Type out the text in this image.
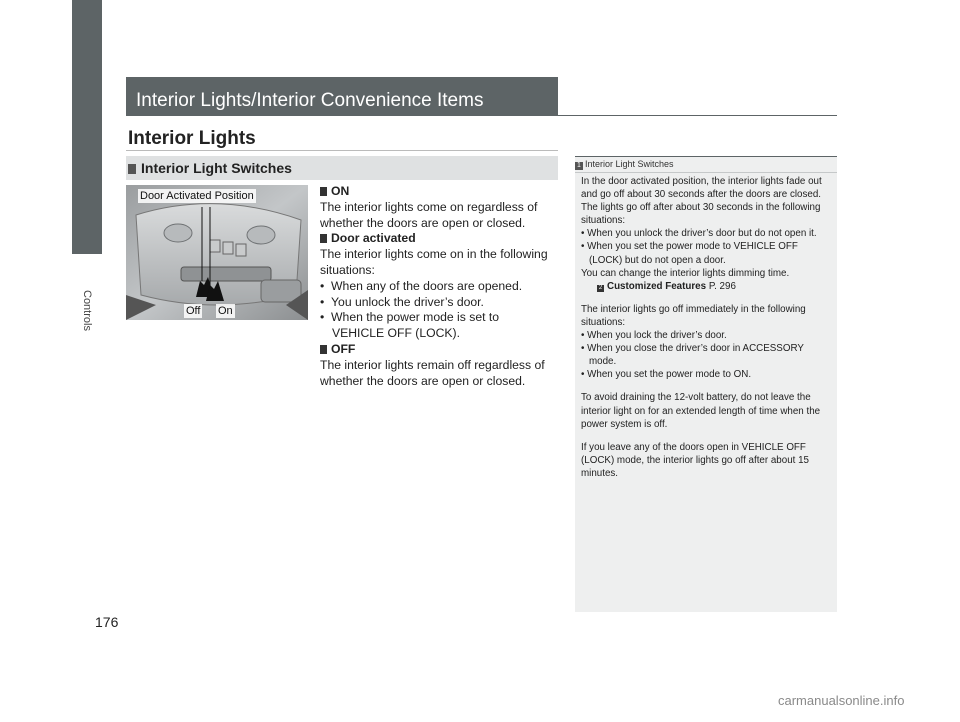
Controls
176
Interior Lights/Interior Convenience Items
Interior Lights
Interior Light Switches
Door Activated Position
Off On

ON

The interior lights come on regardless of whether the doors are open or closed.

Door activated

The interior lights come on in the following situations:

•  When any of the doors are opened.

•  You unlock the driver’s door.

•  When the power mode is set to VEHICLE OFF (LOCK).

OFF

The interior lights remain off regardless of whether the doors are open or closed.

1 Interior Light Switches

In the door activated position, the interior lights fade out and go off about 30 seconds after the doors are closed.

The lights go off after about 30 seconds in the following situations:

• When you unlock the driver’s door but do not open it.

• When you set the power mode to VEHICLE OFF (LOCK) but do not open a door.

You can change the interior lights dimming time.

2 Customized Features P. 296

The interior lights go off immediately in the following situations:

• When you lock the driver’s door.

• When you close the driver’s door in ACCESSORY mode.

• When you set the power mode to ON.

To avoid draining the 12-volt battery, do not leave the interior light on for an extended length of time when the power system is off.

If you leave any of the doors open in VEHICLE OFF (LOCK) mode, the interior lights go off after about 15 minutes.

carmanualsonline.info
